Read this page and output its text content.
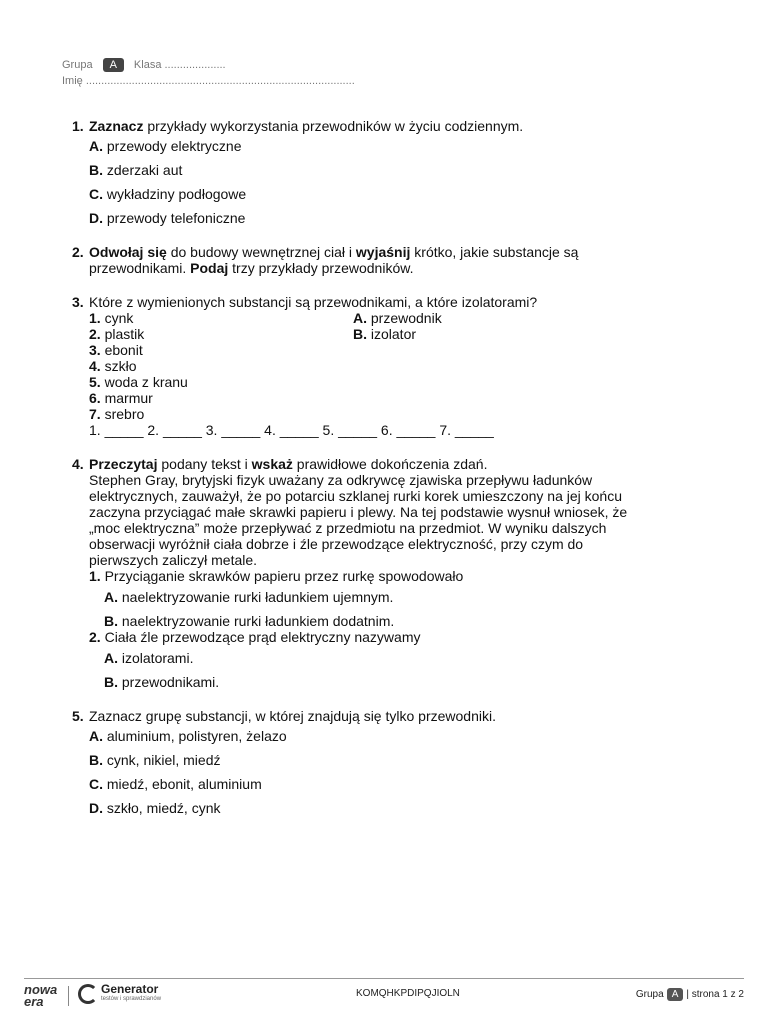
Grupa	A	Klasa ....................
Imię ........................................................................................
1. Zaznacz przykłady wykorzystania przewodników w życiu codziennym.

A. przewody elektryczne
B. zderzaki aut
C. wykładziny podłogowe
D. przewody telefoniczne
2. Odwołaj się do budowy wewnętrznej ciał i wyjaśnij krótko, jakie substancje są przewodnikami. Podaj trzy przykłady przewodników.

3. Które z wymienionych substancji są przewodnikami, a które izolatorami?

1. cynk
2. plastik
3. ebonit
4. szkło
5. woda z kranu
6. marmur
7. srebro
A. przewodnik
B. izolator
1. _____ 2. _____ 3. _____ 4. _____ 5. _____ 6. _____ 7. _____
4. Przeczytaj podany tekst i wskaż prawidłowe dokończenia zdań.

Stephen Gray, brytyjski fizyk uważany za odkrywcę zjawiska przepływu ładunków elektrycznych, zauważył, że po potarciu szklanej rurki korek umieszczony na jej końcu zaczyna przyciągać małe skrawki papieru i plewy. Na tej podstawie wysnuł wniosek, że „moc elektryczna” może przepływać z przedmiotu na przedmiot. W wyniku dalszych obserwacji wyróżnił ciała dobrze i źle przewodzące elektryczność, przy czym do pierwszych zaliczył metale.

1. Przyciąganie skrawków papieru przez rurkę spowodowało
A. naelektryzowanie rurki ładunkiem ujemnym.
B. naelektryzowanie rurki ładunkiem dodatnim.
2. Ciała źle przewodzące prąd elektryczny nazywamy
A. izolatorami.
B. przewodnikami.
5. Zaznacz grupę substancji, w której znajdują się tylko przewodniki.

A. aluminium, polistyren, żelazo
B. cynk, nikiel, miedź
C. miedź, ebonit, aluminium
D. szkło, miedź, cynk
nowa
era
Generator
testów i sprawdzianów	KOMQHKPDIPQJIOLN	Grupa A | strona 1 z 2
